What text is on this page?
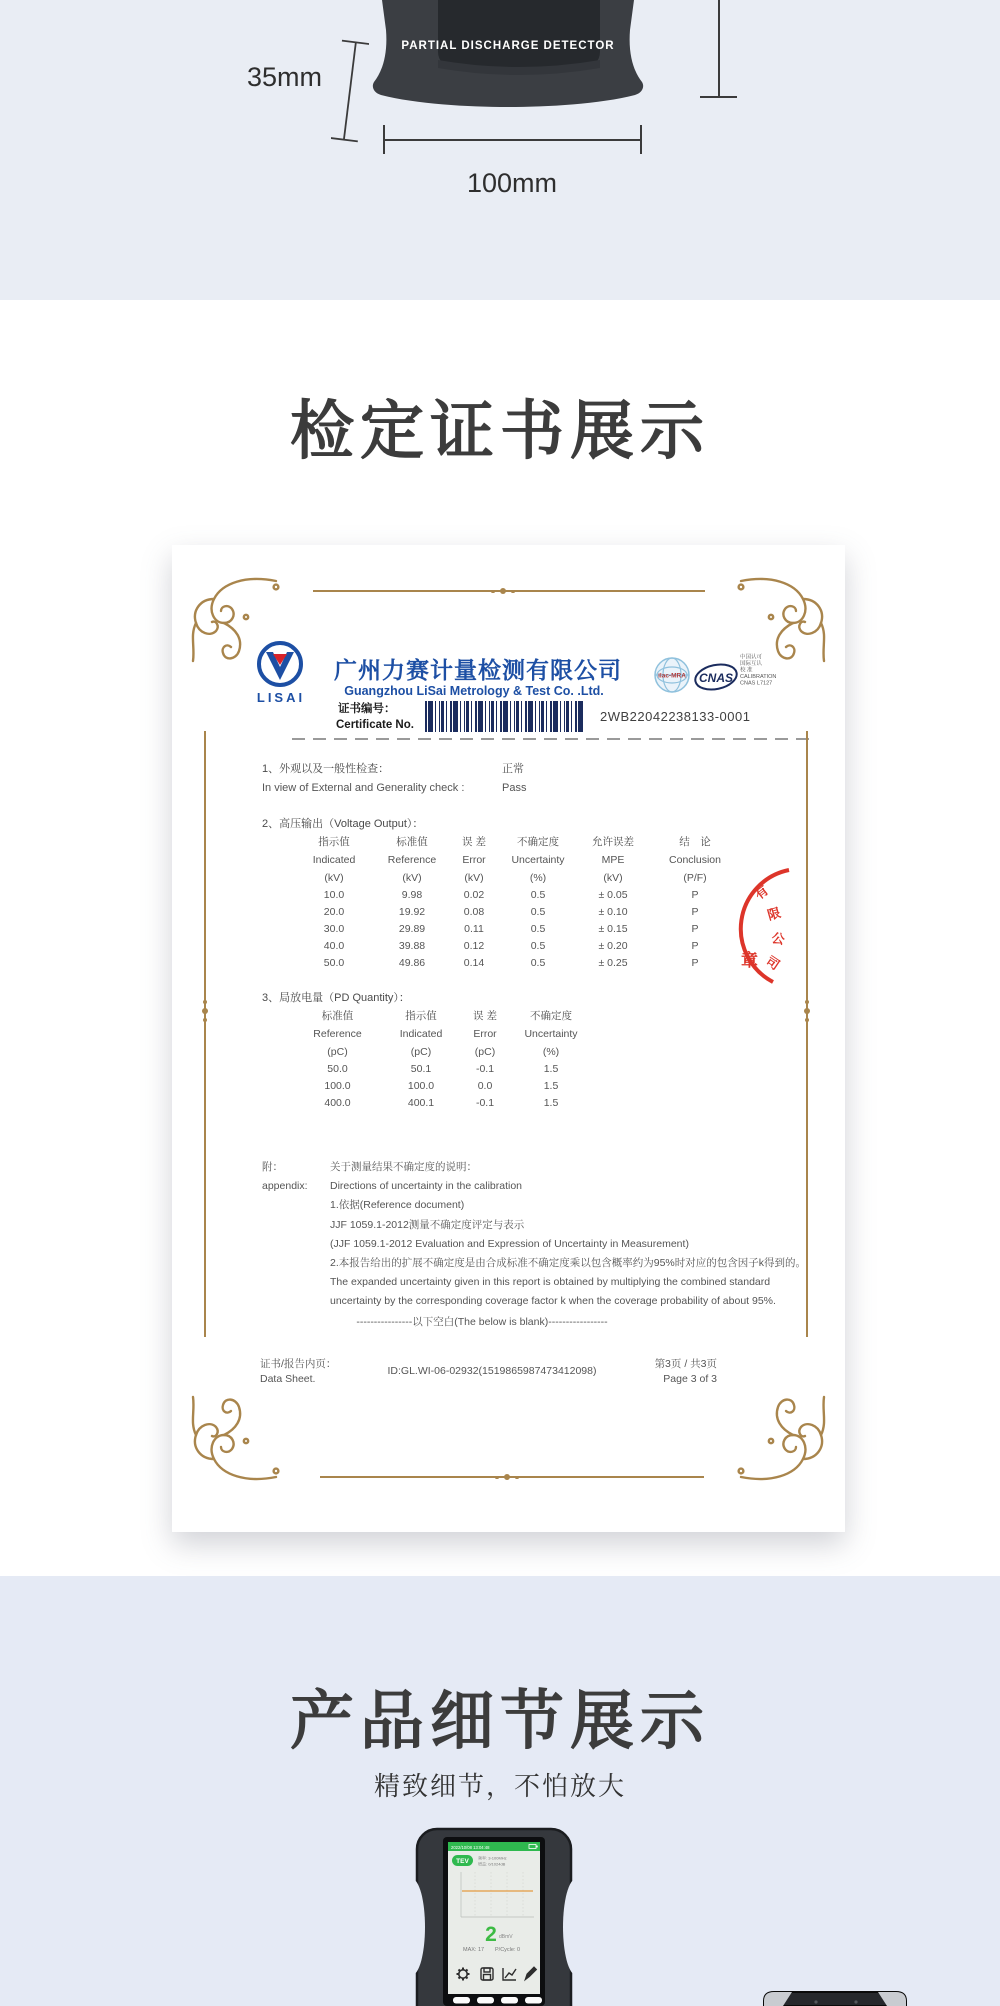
PARTIAL DISCHARGE DETECTOR
35mm
100mm
检定证书展示
LISAI
广州力赛计量检测有限公司
Guangzhou LiSai Metrology & Test Co. .Ltd.
ilac-MRA CNAS
中国认可
国际互认
校 准
CALIBRATION
CNAS L7127
证书编号：
Certificate No.
2WB22042238133-0001
1、外观以及一般性检查：	正常
In view of External and Generality check :	Pass
2、高压输出（Voltage Output）：
指示值	标准值	误 差	不确定度	允许误差	结　论
Indicated	Reference	Error	Uncertainty	MPE	Conclusion
(kV)	(kV)	(kV)	(%)	(kV)	(P/F)
10.0	9.98	0.02	0.5	± 0.05	P
20.0	19.92	0.08	0.5	± 0.10	P
30.0	29.89	0.11	0.5	± 0.15	P
40.0	39.88	0.12	0.5	± 0.20	P
50.0	49.86	0.14	0.5	± 0.25	P
3、局放电量（PD Quantity）：
标准值	指示值	误 差	不确定度
Reference	Indicated	Error	Uncertainty
(pC)	(pC)	(pC)	(%)
50.0	50.1	-0.1	1.5
100.0	100.0	0.0	1.5
400.0	400.1	-0.1	1.5
有
限
公
司
章
附：
appendix:
关于测量结果不确定度的说明：
Directions of uncertainty in the calibration
1.依据(Reference document)
JJF 1059.1-2012测量不确定度评定与表示
(JJF 1059.1-2012 Evaluation and Expression of Uncertainty in Measurement)
2.本报告给出的扩展不确定度是由合成标准不确定度乘以包含概率约为95%时对应的包含因子k得到的。
The expanded uncertainty given in this report is obtained by multiplying the combined standard
uncertainty by the corresponding coverage factor k when the coverage probability of about 95%.
----------------以下空白(The below is blank)-----------------
证书/报告内页：
Data Sheet.
ID:GL.WI-06-02932(1519865987473412098)
第3页 / 共3页
Page 3 of 3
产品细节展示
精致细节，不怕放大
2022/10/08 13:04:48
TEV 频率: 3-100MHz
增益: 0/1024dB
2 dBmV
MAX: 17 P/Cycle: 0
